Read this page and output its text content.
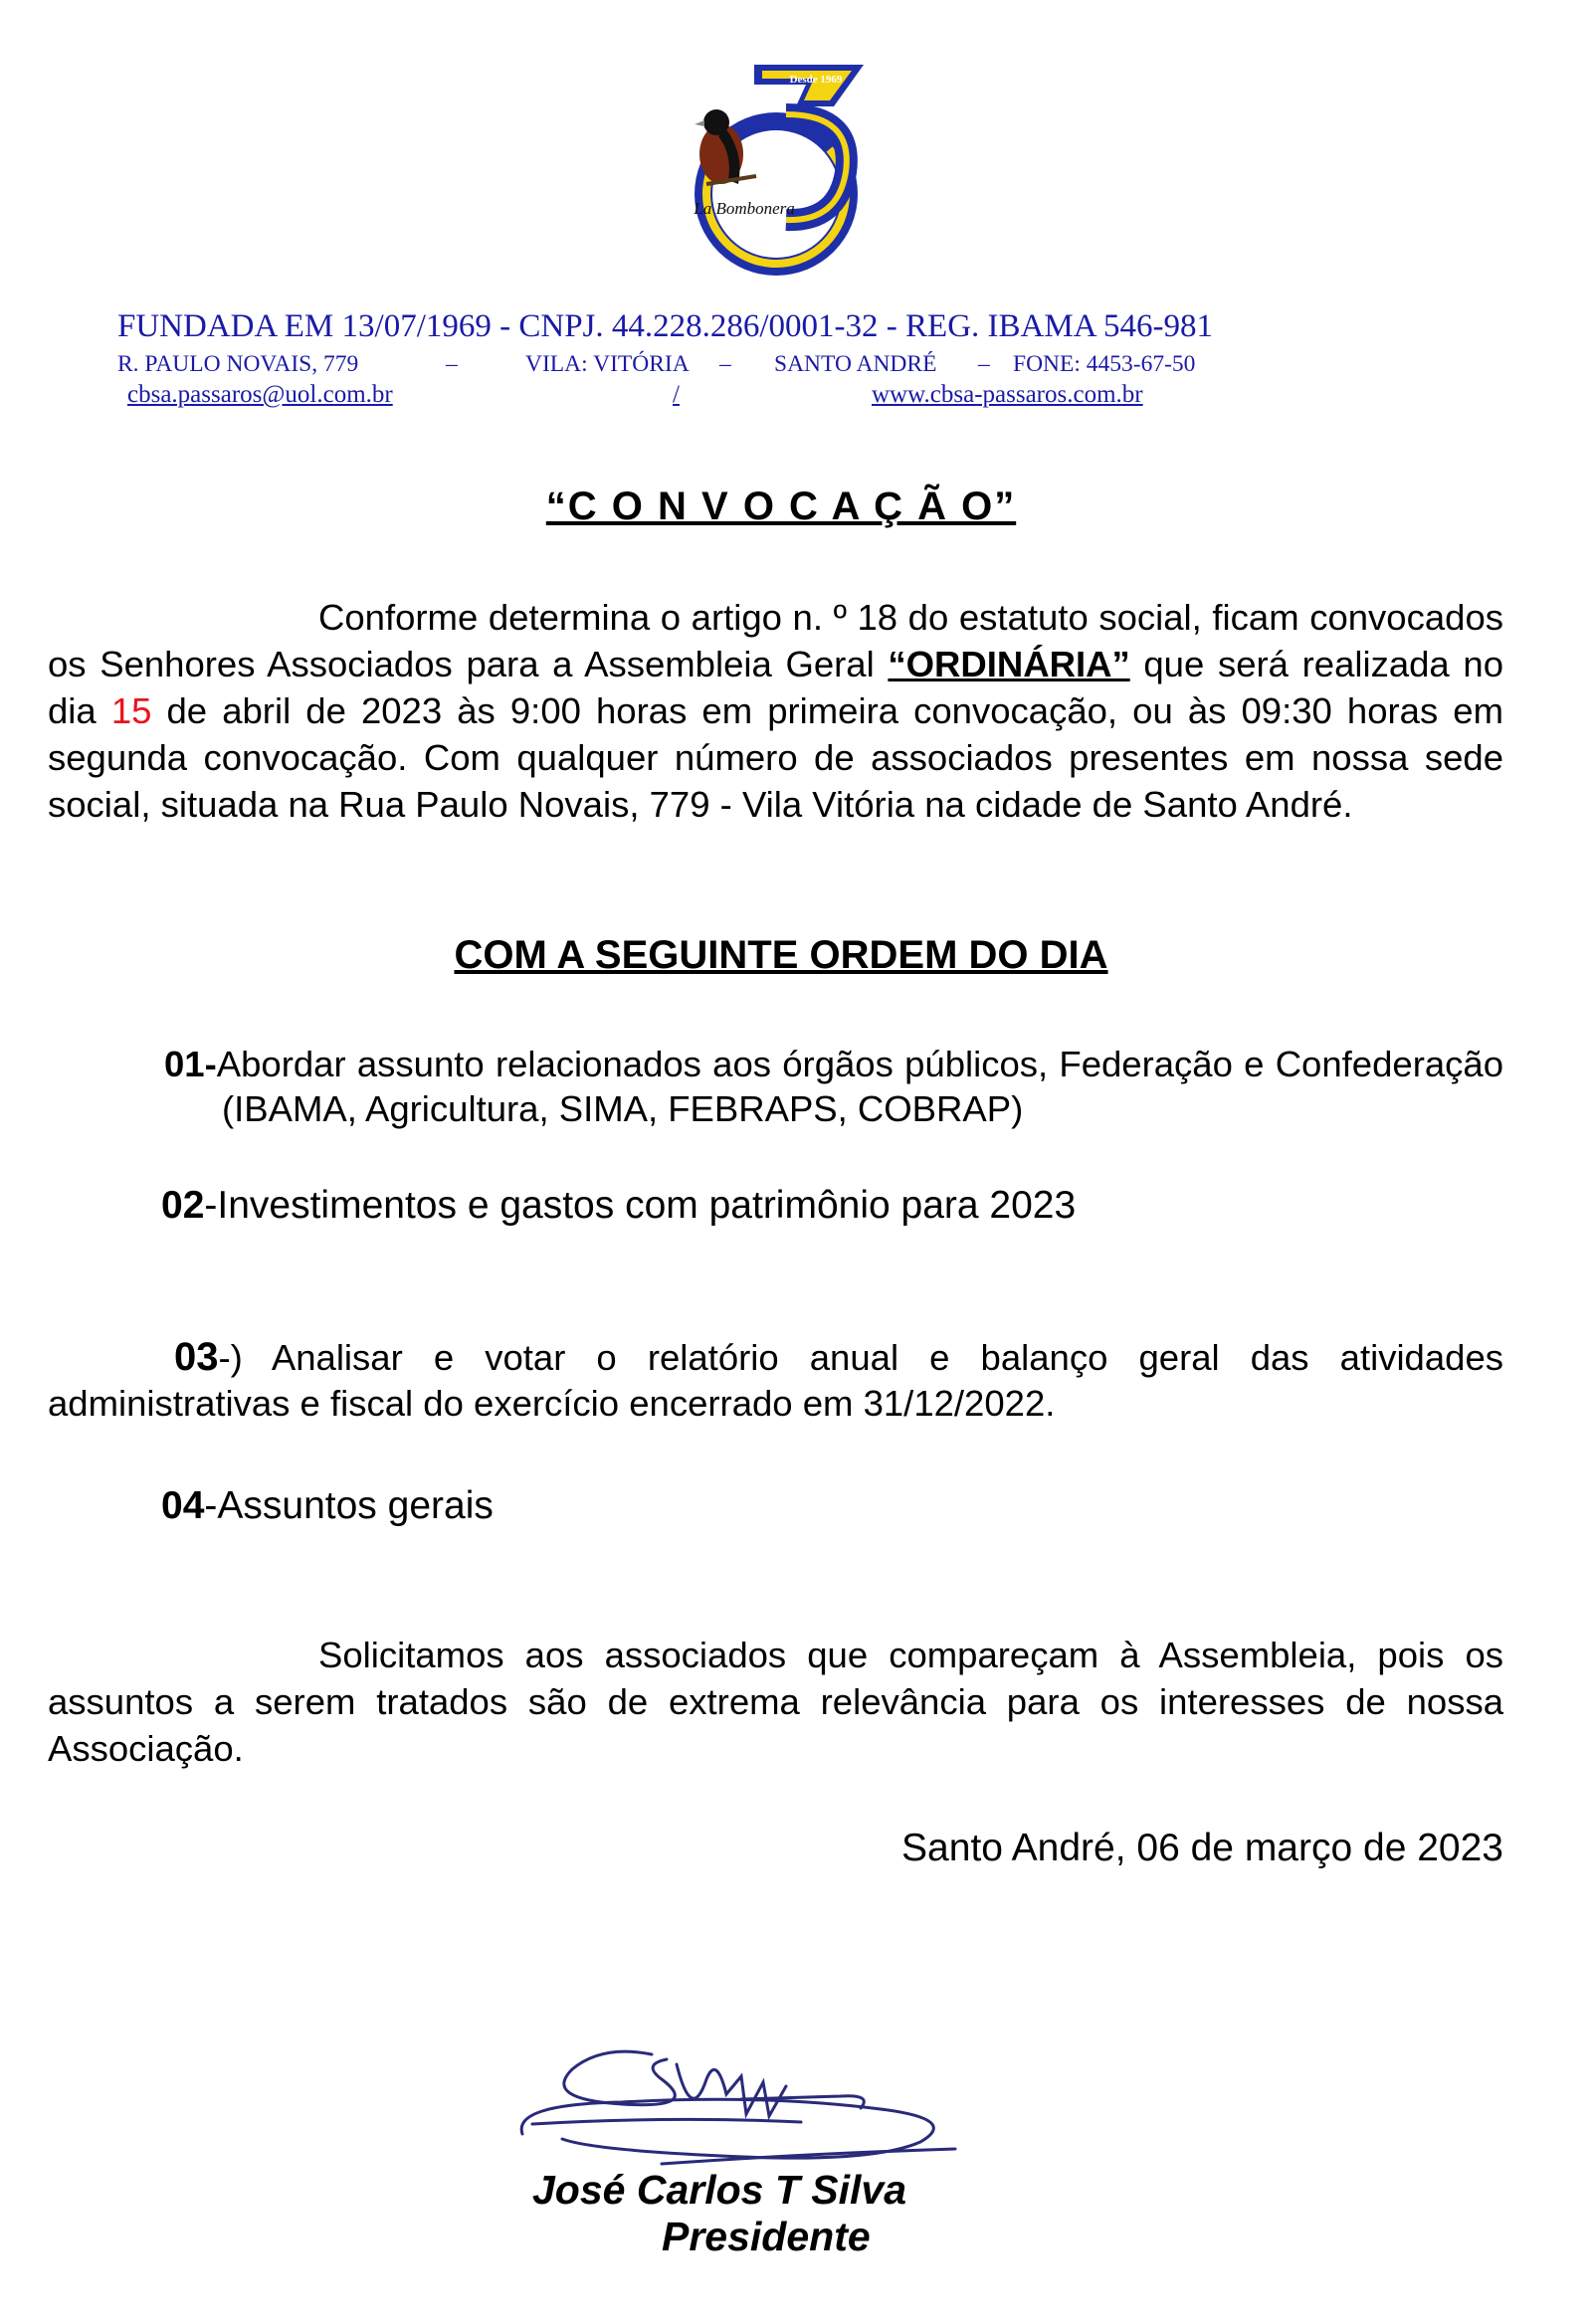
Desde 1969
La Bombonera
FUNDADA EM 13/07/1969 - CNPJ. 44.228.286/0001-32 - REG. IBAMA 546-981
R. PAULO NOVAIS, 779	–	VILA: VITÓRIA – SANTO ANDRÉ – FONE: 4453-67-50
cbsa.passaros@uol.com.br	/	www.cbsa-passaros.com.br
“C O N V O C A Ç Ã O”
Conforme determina o artigo n. º 18 do estatuto social, ficam convocados os Senhores Associados para a Assembleia Geral “ORDINÁRIA” que será realizada no dia 15 de abril de 2023 às 9:00 horas em primeira convocação, ou às 09:30 horas em segunda convocação. Com qualquer número de associados presentes em nossa sede social, situada na Rua Paulo Novais, 779 - Vila Vitória na cidade de Santo André.
COM A SEGUINTE ORDEM DO DIA
01-Abordar assunto relacionados aos órgãos públicos, Federação e Confederação (IBAMA, Agricultura, SIMA, FEBRAPS, COBRAP)
02-Investimentos e gastos com patrimônio para 2023
03-) Analisar e votar o relatório anual e balanço geral das atividades administrativas e fiscal do exercício encerrado em 31/12/2022.
04-Assuntos gerais
Solicitamos aos associados que compareçam à Assembleia, pois os assuntos a serem tratados são de extrema relevância para os interesses de nossa Associação.
Santo André, 06 de março de 2023
José Carlos T Silva
Presidente
